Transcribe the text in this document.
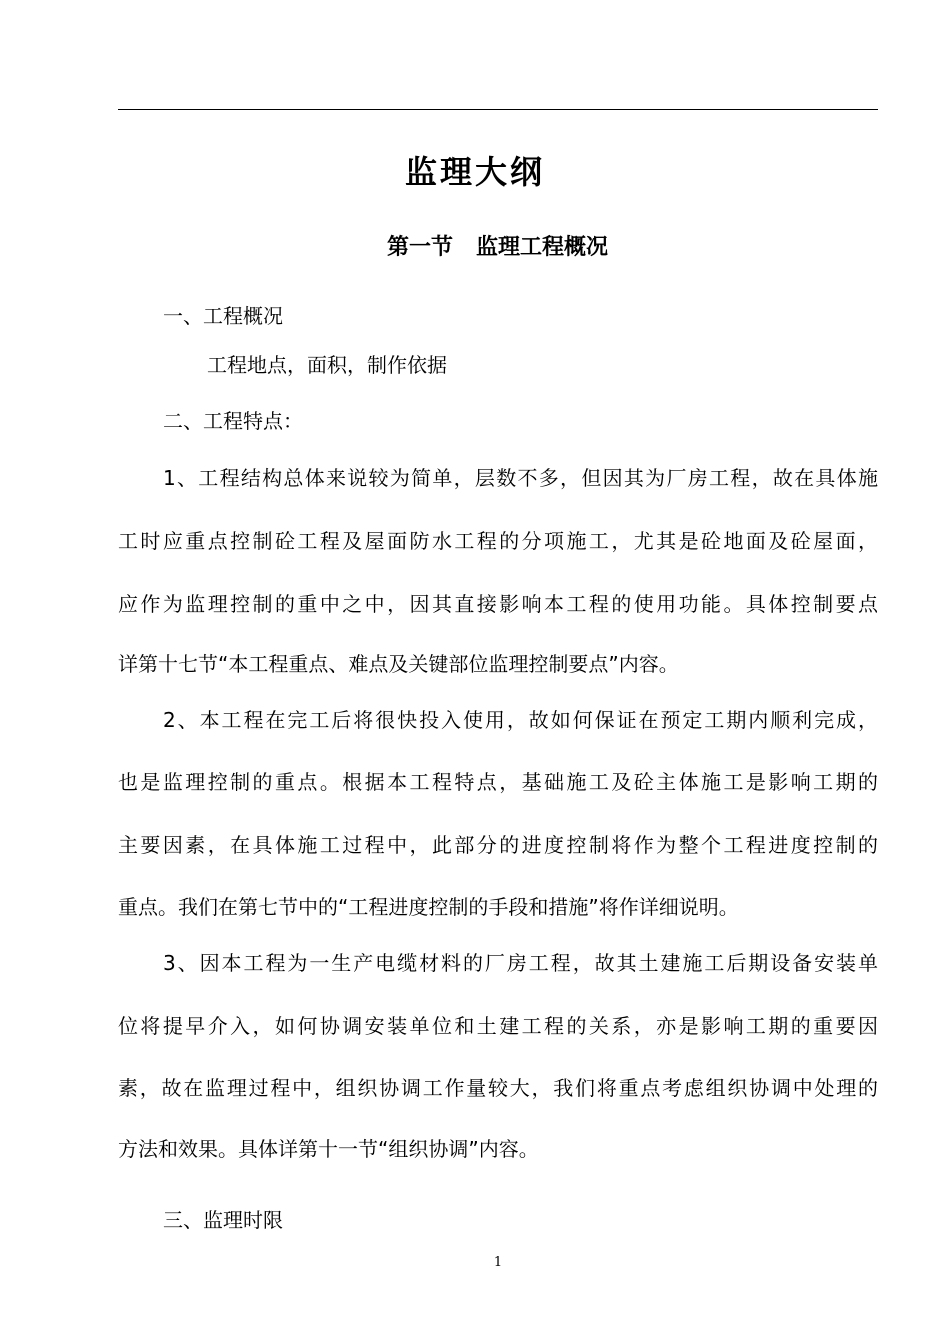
监理大纲
第一节   监理工程概况

一、工程概况

工程地点，面积，制作依据

二、工程特点：

1、工程结构总体来说较为简单，层数不多，但因其为厂房工程，故在具体施

工时应重点控制砼工程及屋面防水工程的分项施工，尤其是砼地面及砼屋面，

应作为监理控制的重中之中，因其直接影响本工程的使用功能。具体控制要点

详第十七节“本工程重点、难点及关键部位监理控制要点”内容。

2、本工程在完工后将很快投入使用，故如何保证在预定工期内顺利完成，

也是监理控制的重点。根据本工程特点，基础施工及砼主体施工是影响工期的

主要因素，在具体施工过程中，此部分的进度控制将作为整个工程进度控制的

重点。我们在第七节中的“工程进度控制的手段和措施”将作详细说明。

3、因本工程为一生产电缆材料的厂房工程，故其土建施工后期设备安装单

位将提早介入，如何协调安装单位和土建工程的关系，亦是影响工期的重要因

素，故在监理过程中，组织协调工作量较大，我们将重点考虑组织协调中处理的

方法和效果。具体详第十一节“组织协调”内容。

三、监理时限

1
